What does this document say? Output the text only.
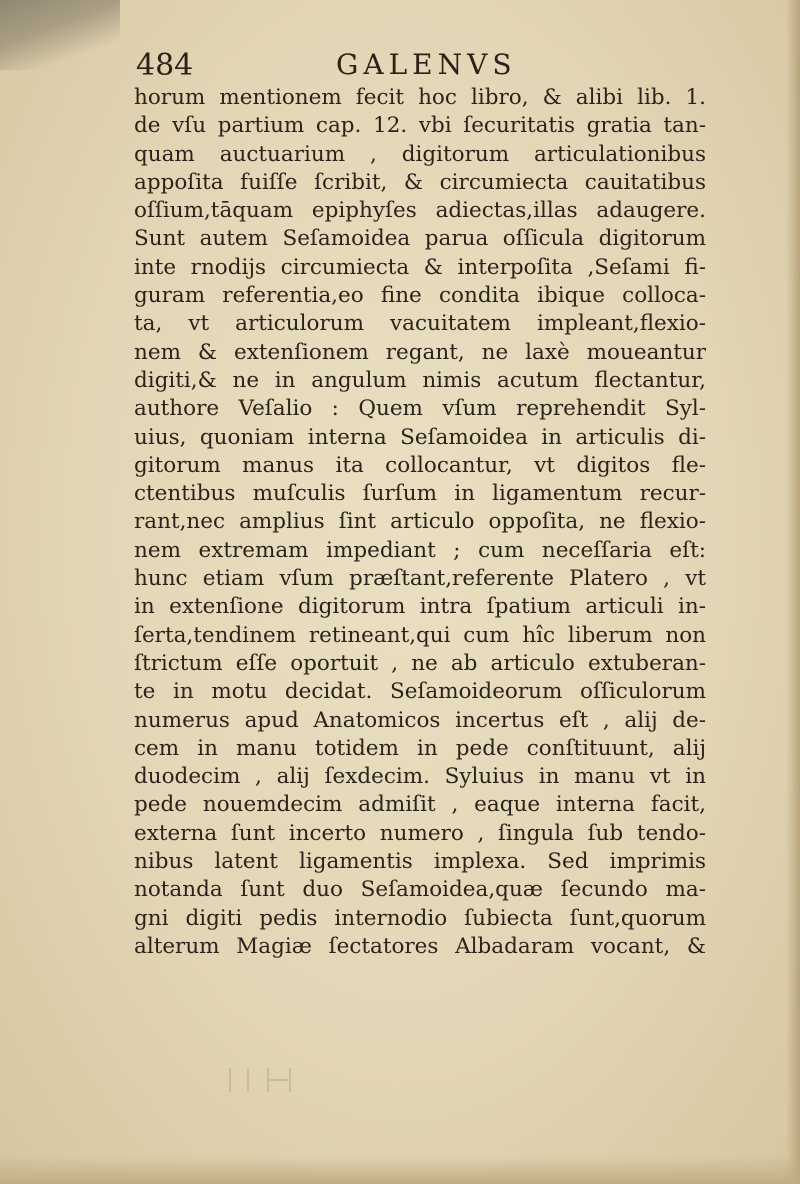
484	GALENVS
horum mentionem fecit hoc libro, & alibi lib. 1.
de vſu partium cap. 12. vbi ſecuritatis gratia tan-
quam auctuarium , digitorum articulationibus
appoſita fuiſſe ſcribit, & circumiecta cauitatibus
oſſium,tāquam epiphyſes adiectas,illas adaugere.
Sunt autem Seſamoidea parua oſſicula digitorum
inte rnodijs circumiecta & interpoſita ,Seſami fi-
guram referentia,eo fine condita ibique colloca-
ta, vt articulorum vacuitatem impleant,flexio-
nem & extenſionem regant, ne laxè moueantur
digiti,& ne in angulum nimis acutum flectantur,
authore Veſalio : Quem vſum reprehendit Syl-
uius, quoniam interna Seſamoidea in articulis di-
gitorum manus ita collocantur, vt digitos fle-
ctentibus muſculis ſurſum in ligamentum recur-
rant,nec amplius ſint articulo oppoſita, ne flexio-
nem extremam impediant ; cum neceſſaria eſt:
hunc etiam vſum præſtant,referente Platero , vt
in extenſione digitorum intra ſpatium articuli in-
ſerta,tendinem retineant,qui cum hîc liberum non
ſtrictum eſſe oportuit , ne ab articulo extuberan-
te in motu decidat. Seſamoideorum oſſiculorum
numerus apud Anatomicos incertus eſt , alij de-
cem in manu totidem in pede conſtituunt, alij
duodecim , alij ſexdecim. Syluius in manu vt in
pede nouemdecim admiſit , eaque interna facit,
externa ſunt incerto numero , ſingula ſub tendo-
nibus latent ligamentis implexa. Sed imprimis
notanda ſunt duo Seſamoidea,quæ ſecundo ma-
gni digiti pedis internodio ſubiecta ſunt,quorum
alterum Magiæ ſectatores Albadaram vocant, &
